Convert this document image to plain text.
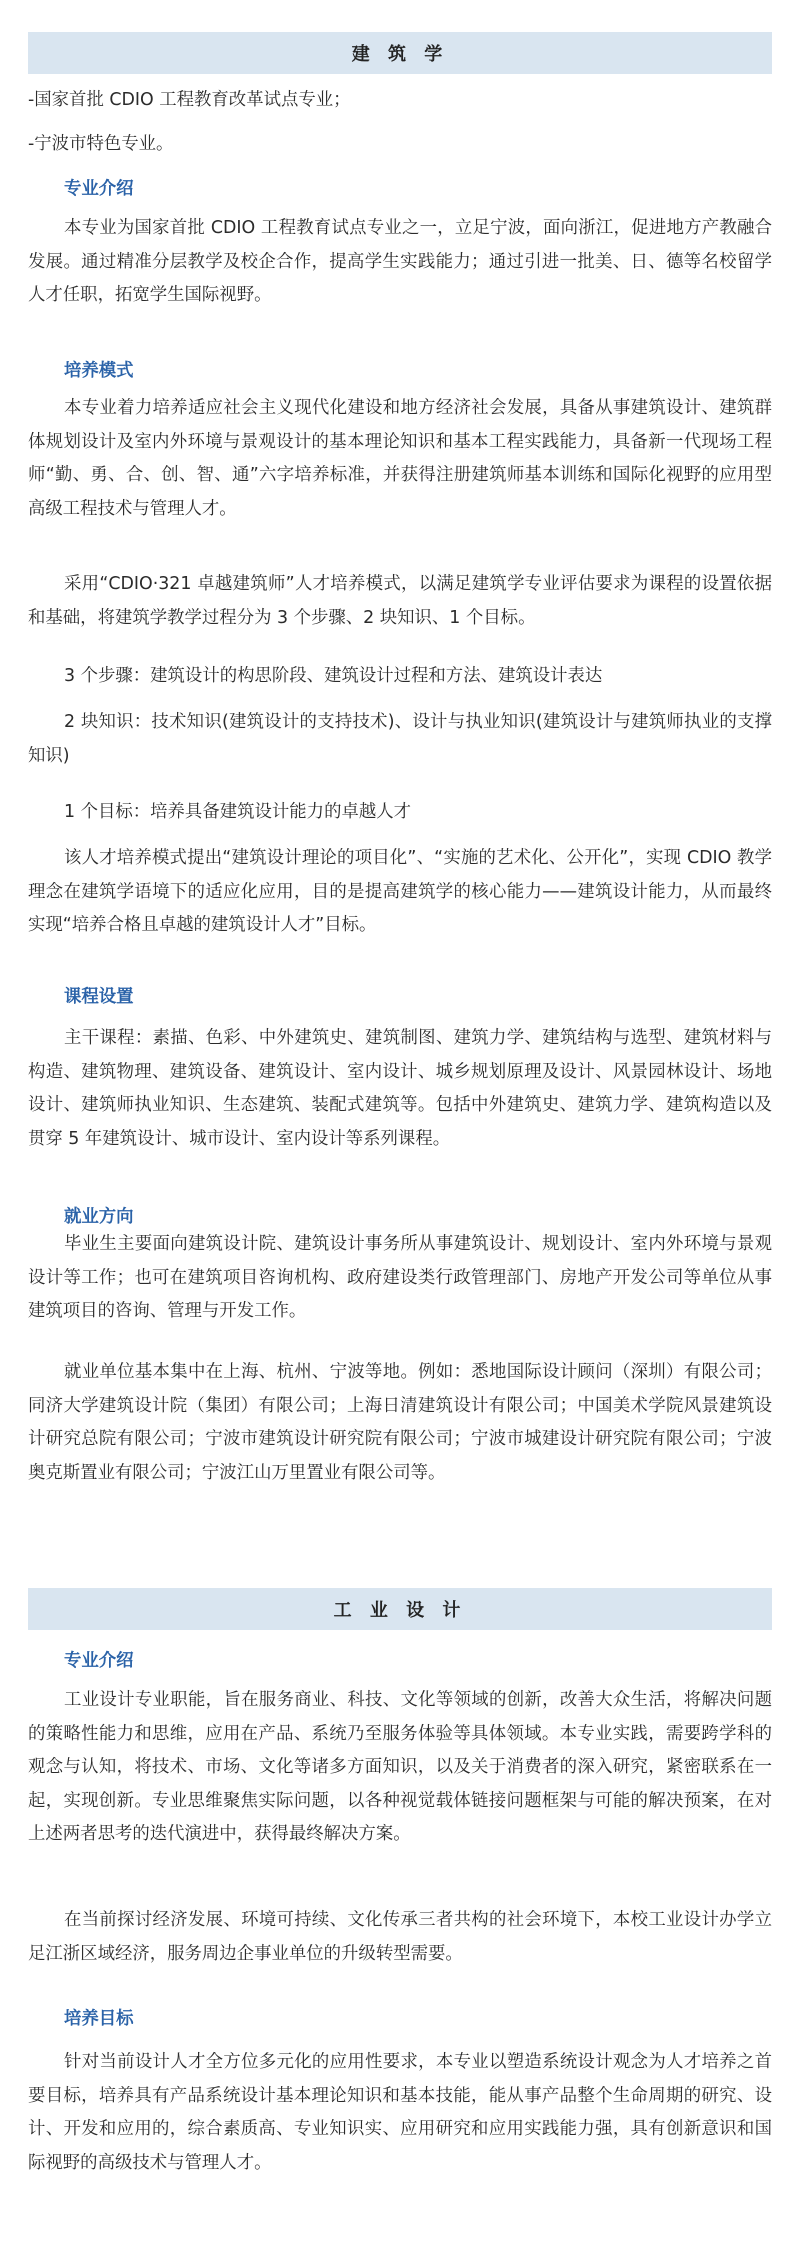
建 筑 学

-国家首批 CDIO 工程教育改革试点专业；

-宁波市特色专业。

专业介绍

本专业为国家首批 CDIO 工程教育试点专业之一，立足宁波，面向浙江，促进地方产教融合发展。通过精准分层教学及校企合作，提高学生实践能力；通过引进一批美、日、德等名校留学人才任职，拓宽学生国际视野。

培养模式

本专业着力培养适应社会主义现代化建设和地方经济社会发展，具备从事建筑设计、建筑群体规划设计及室内外环境与景观设计的基本理论知识和基本工程实践能力，具备新一代现场工程师“勤、勇、合、创、智、通”六字培养标准，并获得注册建筑师基本训练和国际化视野的应用型高级工程技术与管理人才。

采用“CDIO·321 卓越建筑师”人才培养模式，以满足建筑学专业评估要求为课程的设置依据和基础，将建筑学教学过程分为 3 个步骤、2 块知识、1 个目标。

3 个步骤：建筑设计的构思阶段、建筑设计过程和方法、建筑设计表达

2 块知识：技术知识(建筑设计的支持技术)、设计与执业知识(建筑设计与建筑师执业的支撑知识)

1 个目标：培养具备建筑设计能力的卓越人才

该人才培养模式提出“建筑设计理论的项目化”、“实施的艺术化、公开化”，实现 CDIO 教学理念在建筑学语境下的适应化应用，目的是提高建筑学的核心能力——建筑设计能力，从而最终实现“培养合格且卓越的建筑设计人才”目标。

课程设置

主干课程：素描、色彩、中外建筑史、建筑制图、建筑力学、建筑结构与选型、建筑材料与构造、建筑物理、建筑设备、建筑设计、室内设计、城乡规划原理及设计、风景园林设计、场地设计、建筑师执业知识、生态建筑、装配式建筑等。包括中外建筑史、建筑力学、建筑构造以及贯穿 5 年建筑设计、城市设计、室内设计等系列课程。

就业方向

毕业生主要面向建筑设计院、建筑设计事务所从事建筑设计、规划设计、室内外环境与景观设计等工作；也可在建筑项目咨询机构、政府建设类行政管理部门、房地产开发公司等单位从事建筑项目的咨询、管理与开发工作。

就业单位基本集中在上海、杭州、宁波等地。例如：悉地国际设计顾问（深圳）有限公司；同济大学建筑设计院（集团）有限公司；上海日清建筑设计有限公司；中国美术学院风景建筑设计研究总院有限公司；宁波市建筑设计研究院有限公司；宁波市城建设计研究院有限公司；宁波奥克斯置业有限公司；宁波江山万里置业有限公司等。

工 业 设 计

专业介绍

工业设计专业职能，旨在服务商业、科技、文化等领域的创新，改善大众生活，将解决问题的策略性能力和思维，应用在产品、系统乃至服务体验等具体领域。本专业实践，需要跨学科的观念与认知，将技术、市场、文化等诸多方面知识，以及关于消费者的深入研究，紧密联系在一起，实现创新。专业思维聚焦实际问题，以各种视觉载体链接问题框架与可能的解决预案，在对上述两者思考的迭代演进中，获得最终解决方案。

在当前探讨经济发展、环境可持续、文化传承三者共构的社会环境下，本校工业设计办学立足江浙区域经济，服务周边企事业单位的升级转型需要。

培养目标

针对当前设计人才全方位多元化的应用性要求，本专业以塑造系统设计观念为人才培养之首要目标，培养具有产品系统设计基本理论知识和基本技能，能从事产品整个生命周期的研究、设计、开发和应用的，综合素质高、专业知识实、应用研究和应用实践能力强，具有创新意识和国际视野的高级技术与管理人才。
